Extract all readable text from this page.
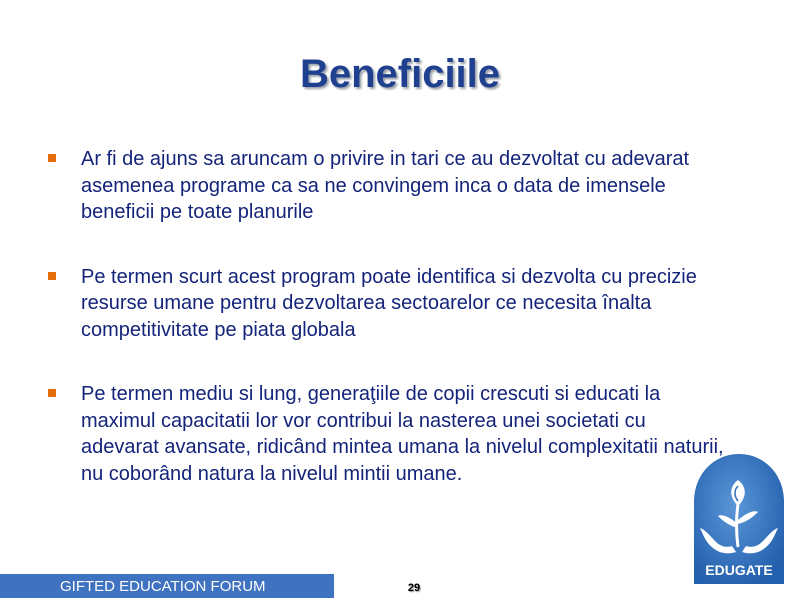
Beneficiile
Ar fi de ajuns sa aruncam o privire in tari ce au dezvoltat cu adevarat asemenea programe ca sa ne convingem inca o data de imensele beneficii pe toate planurile
Pe termen scurt acest program poate identifica si dezvolta cu precizie resurse umane pentru dezvoltarea sectoarelor ce necesita înalta competitivitate pe piata globala
Pe termen mediu si lung, generaţiile de copii crescuti si educati la maximul capacitatii lor vor contribui la nasterea unei societati cu adevarat avansate, ridicând mintea umana la nivelul complexitatii naturii, nu coborând natura la nivelul mintii umane.
EDUGATE
GIFTED EDUCATION FORUM	29
